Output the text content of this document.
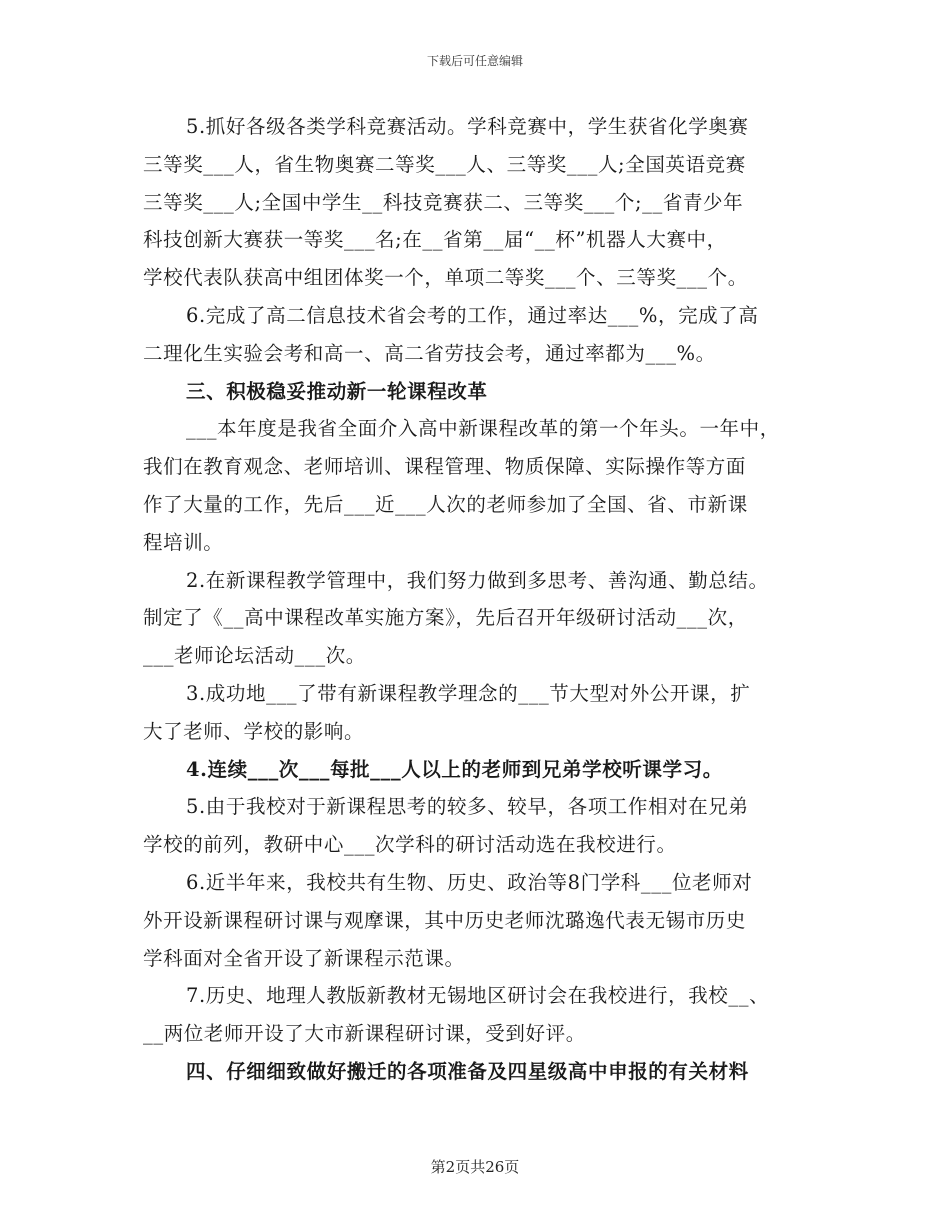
下载后可任意编辑
5.抓好各级各类学科竞赛活动。学科竞赛中，学生获省化学奥赛
三等奖___人，省生物奥赛二等奖___人、三等奖___人;全国英语竞赛
三等奖___人;全国中学生__科技竞赛获二、三等奖___个;__省青少年
科技创新大赛获一等奖___名;在__省第__届“__杯”机器人大赛中，
学校代表队获高中组团体奖一个，单项二等奖___个、三等奖___个。
6.完成了高二信息技术省会考的工作，通过率达___%，完成了高
二理化生实验会考和高一、高二省劳技会考，通过率都为___%。
三、积极稳妥推动新一轮课程改革
___本年度是我省全面介入高中新课程改革的第一个年头。一年中，
我们在教育观念、老师培训、课程管理、物质保障、实际操作等方面
作了大量的工作，先后___近___人次的老师参加了全国、省、市新课
程培训。
2.在新课程教学管理中，我们努力做到多思考、善沟通、勤总结。
制定了《__高中课程改革实施方案》，先后召开年级研讨活动___次，
___老师论坛活动___次。
3.成功地___了带有新课程教学理念的___节大型对外公开课，扩
大了老师、学校的影响。
4.连续___次___每批___人以上的老师到兄弟学校听课学习。
5.由于我校对于新课程思考的较多、较早，各项工作相对在兄弟
学校的前列，教研中心___次学科的研讨活动选在我校进行。
6.近半年来，我校共有生物、历史、政治等8门学科___位老师对
外开设新课程研讨课与观摩课，其中历史老师沈璐逸代表无锡市历史
学科面对全省开设了新课程示范课。
7.历史、地理人教版新教材无锡地区研讨会在我校进行，我校__、
__两位老师开设了大市新课程研讨课，受到好评。
四、仔细细致做好搬迁的各项准备及四星级高中申报的有关材料
第2页共26页
